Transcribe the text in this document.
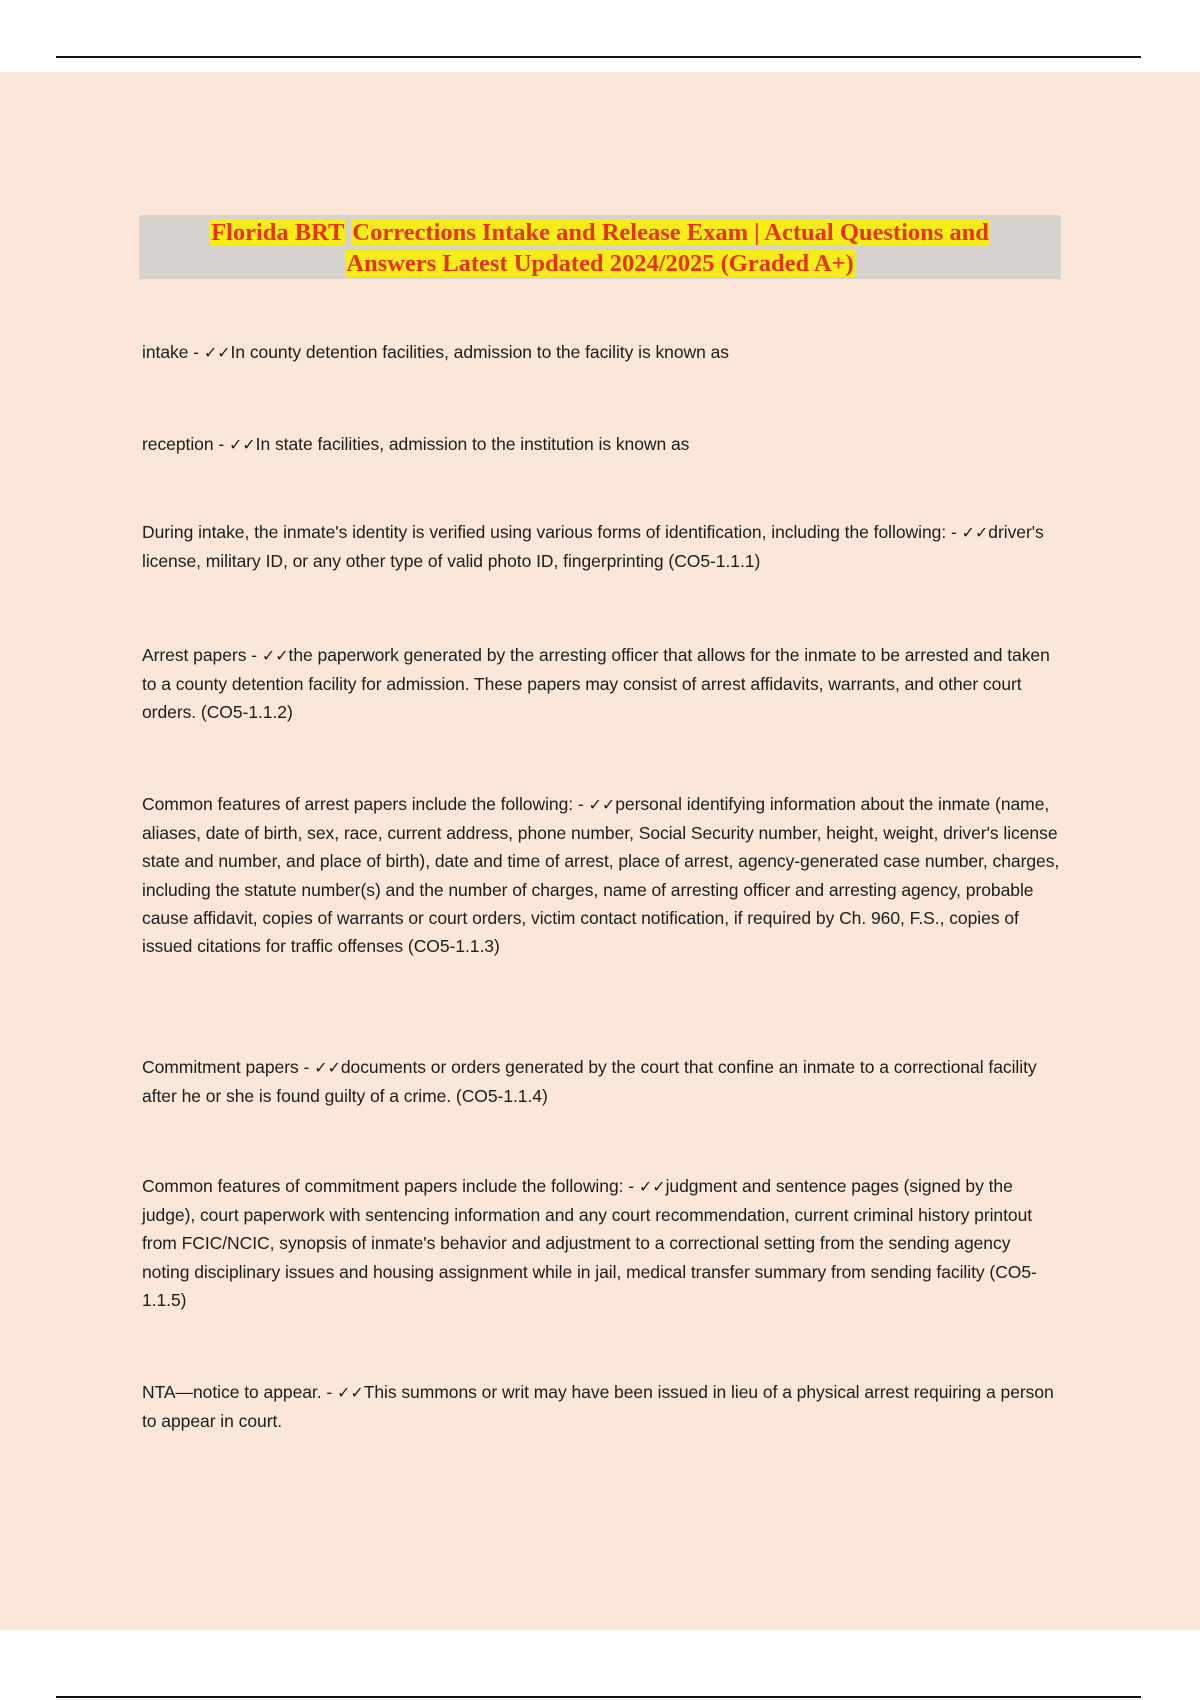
Florida BRT Corrections Intake and Release Exam | Actual Questions and
Answers Latest Updated 2024/2025 (Graded A+)

intake - ✓✓In county detention facilities, admission to the facility is known as

reception - ✓✓In state facilities, admission to the institution is known as

During intake, the inmate's identity is verified using various forms of identification, including the following: - ✓✓driver's license, military ID, or any other type of valid photo ID, fingerprinting (CO5-1.1.1)

Arrest papers - ✓✓the paperwork generated by the arresting officer that allows for the inmate to be arrested and taken to a county detention facility for admission. These papers may consist of arrest affidavits, warrants, and other court orders. (CO5-1.1.2)

Common features of arrest papers include the following: - ✓✓personal identifying information about the inmate (name, aliases, date of birth, sex, race, current address, phone number, Social Security number, height, weight, driver's license state and number, and place of birth), date and time of arrest, place of arrest, agency-generated case number, charges, including the statute number(s) and the number of charges, name of arresting officer and arresting agency, probable cause affidavit, copies of warrants or court orders, victim contact notification, if required by Ch. 960, F.S., copies of issued citations for traffic offenses (CO5-1.1.3)

Commitment papers - ✓✓documents or orders generated by the court that confine an inmate to a correctional facility after he or she is found guilty of a crime. (CO5-1.1.4)

Common features of commitment papers include the following: - ✓✓judgment and sentence pages (signed by the judge), court paperwork with sentencing information and any court recommendation, current criminal history printout from FCIC/NCIC, synopsis of inmate's behavior and adjustment to a correctional setting from the sending agency noting disciplinary issues and housing assignment while in jail, medical transfer summary from sending facility (CO5-1.1.5)

NTA—notice to appear. - ✓✓This summons or writ may have been issued in lieu of a physical arrest requiring a person to appear in court.
